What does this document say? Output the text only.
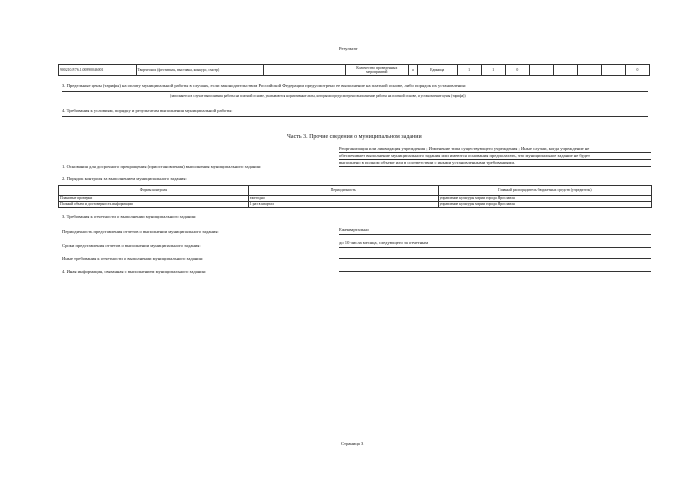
Результат
900210.Р.76.1.00890046001	Творческих (фестиваль, выставка, конкурс, смотр)		Количество проведенных мероприятий	a	Единица	1	1	0					0
3. Предельные цены (тарифы) на оплату муниципальной работы в случаях, если законодательством Российской Федерации предусмотрено ее выполнение на платной основе, либо порядок их установления:
(заполняется в случае выполнения работы на платной основе, указываются нормативные акты, которыми предусмотрено выполнение работы на платной основе, и установление цены (тарифа))
4. Требования к условиям, порядку и результатам выполнения муниципальной работы:
Часть 3. Прочие сведения о муниципальном задании
Реорганизация или ликвидация учреждения ; Изменение типа существующего учреждения ; Иные случаи, когда учреждение не
обеспечивает выполнение муниципального задания или имеются основания предполагать, что муниципальное задание не будет
1. Основания для досрочного прекращения (приостановления) выполнения муниципального задания:
выполнено в полном объеме или в соответствии с иными установленными требованиями.
2. Порядок контроля за выполнением муниципального задания:
Формы контроля	Периодичность	Главный распорядитель бюджетных средств (учредитель)
Плановые проверки	ежегодно	управление культуры мэрии города Ярославля
Полный объем и достоверность информации	1 раз в квартал	управление культуры мэрии города Ярославля
3. Требования к отчетности о выполнении муниципального задания:
Периодичность представления отчетов о выполнении муниципального задания:	Ежеквартально
Сроки представления отчетов о выполнении муниципального задания:
до 10 числа месяца, следующего за отчетным
Иные требования к отчетности о выполнении муниципального задания:
4. Иная информация, связанная с выполнением муниципального задания:
Страница 3
